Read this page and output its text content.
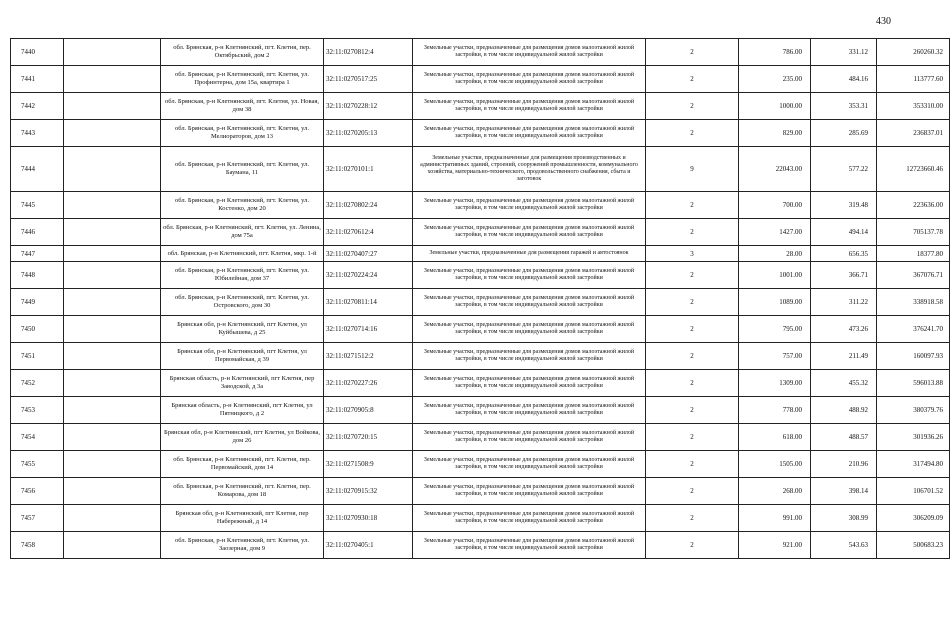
430
7440		обл. Брянская, р-н Клетнянский, пгт. Клетня, пер. Октябрьский, дом 2	32:11:0270812:4	Земельные участки, предназначенные для размещения домов малоэтажной жилой застройки, в том числе индивидуальной жилой застройки	2	786.00	331.12	260260.32
7441		обл. Брянская, р-н Клетнянский, пгт. Клетня, ул. Профинтерна, дом 15а, квартира 1	32:11:0270517:25	Земельные участки, предназначенные для размещения домов малоэтажной жилой застройки, в том числе индивидуальной жилой застройки	2	235.00	484.16	113777.60
7442		обл. Брянская, р-н Клетнянский, пгт. Клетня, ул. Новая, дом 38	32:11:0270228:12	Земельные участки, предназначенные для размещения домов малоэтажной жилой застройки, в том числе индивидуальной жилой застройки	2	1000.00	353.31	353310.00
7443		обл. Брянская, р-н Клетнянский, пгт. Клетня, ул. Мелиораторов, дом 13	32:11:0270205:13	Земельные участки, предназначенные для размещения домов малоэтажной жилой застройки, в том числе индивидуальной жилой застройки	2	829.00	285.69	236837.01
7444		обл. Брянская, р-н Клетнянский, пгт. Клетня, ул. Баумана, 11	32:11:0270101:1	Земельные участки, предназначенные для размещения производственных и административных зданий, строений, сооружений промышленности, коммунального хозяйства, материально-технического, продовольственного снабжения, сбыта и заготовок	9	22043.00	577.22	12723660.46
7445		обл. Брянская, р-н Клетнянский, пгт. Клетня, ул. Костенко, дом 20	32:11:0270802:24	Земельные участки, предназначенные для размещения домов малоэтажной жилой застройки, в том числе индивидуальной жилой застройки	2	700.00	319.48	223636.00
7446		обл. Брянская, р-н Клетнянский, пгт. Клетня, ул. Ленина, дом 75а	32:11:0270612:4	Земельные участки, предназначенные для размещения домов малоэтажной жилой застройки, в том числе индивидуальной жилой застройки	2	1427.00	494.14	705137.78
7447		обл. Брянская, р-н Клетнянский, пгт. Клетня, мкр. 1-й	32:11:0270407:27	Земельные участки, предназначенные для размещения гаражей и автостоянок	3	28.00	656.35	18377.80
7448		обл. Брянская, р-н Клетнянский, пгт. Клетня, ул. Юбилейная, дом 37	32:11:0270224:24	Земельные участки, предназначенные для размещения домов малоэтажной жилой застройки, в том числе индивидуальной жилой застройки	2	1001.00	366.71	367076.71
7449		обл. Брянская, р-н Клетнянский, пгт. Клетня, ул. Островского, дом 30	32:11:0270811:14	Земельные участки, предназначенные для размещения домов малоэтажной жилой застройки, в том числе индивидуальной жилой застройки	2	1089.00	311.22	338918.58
7450		Брянская обл, р-н Клетнянский, пгт Клетня, ул Куйбышева, д 25	32:11:0270714:16	Земельные участки, предназначенные для размещения домов малоэтажной жилой застройки, в том числе индивидуальной жилой застройки	2	795.00	473.26	376241.70
7451		Брянская обл, р-н Клетнянский, пгт Клетня, ул Первомайская, д 39	32:11:0271512:2	Земельные участки, предназначенные для размещения домов малоэтажной жилой застройки, в том числе индивидуальной жилой застройки	2	757.00	211.49	160097.93
7452		Брянская область, р-н Клетнянский, пгт Клетня, пер Заводской, д 3а	32:11:0270227:26	Земельные участки, предназначенные для размещения домов малоэтажной жилой застройки, в том числе индивидуальной жилой застройки	2	1309.00	455.32	596013.88
7453		Брянская область, р-н Клетнянский, пгт Клетня, ул Пятницкого, д 2	32:11:0270905:8	Земельные участки, предназначенные для размещения домов малоэтажной жилой застройки, в том числе индивидуальной жилой застройки	2	778.00	488.92	380379.76
7454		Брянская обл, р-н Клетнянский, пгт Клетня, ул Войкова, дом 26	32:11:0270720:15	Земельные участки, предназначенные для размещения домов малоэтажной жилой застройки, в том числе индивидуальной жилой застройки	2	618.00	488.57	301936.26
7455		обл. Брянская, р-н Клетнянский, пгт. Клетня, пер. Первомайский, дом 14	32:11:0271508:9	Земельные участки, предназначенные для размещения домов малоэтажной жилой застройки, в том числе индивидуальной жилой застройки	2	1505.00	210.96	317494.80
7456		обл. Брянская, р-н Клетнянский, пгт. Клетня, пер. Комарова, дом 18	32:11:0270915:32	Земельные участки, предназначенные для размещения домов малоэтажной жилой застройки, в том числе индивидуальной жилой застройки	2	268.00	398.14	106701.52
7457		Брянская обл, р-н Клетнянский, пгт Клетня, пер Набережный, д 14	32:11:0270930:18	Земельные участки, предназначенные для размещения домов малоэтажной жилой застройки, в том числе индивидуальной жилой застройки	2	991.00	308.99	306209.09
7458		обл. Брянская, р-н Клетнянский, пгт. Клетня, ул. Заозерная, дом 9	32:11:0270405:1	Земельные участки, предназначенные для размещения домов малоэтажной жилой застройки, в том числе индивидуальной жилой застройки	2	921.00	543.63	500683.23
